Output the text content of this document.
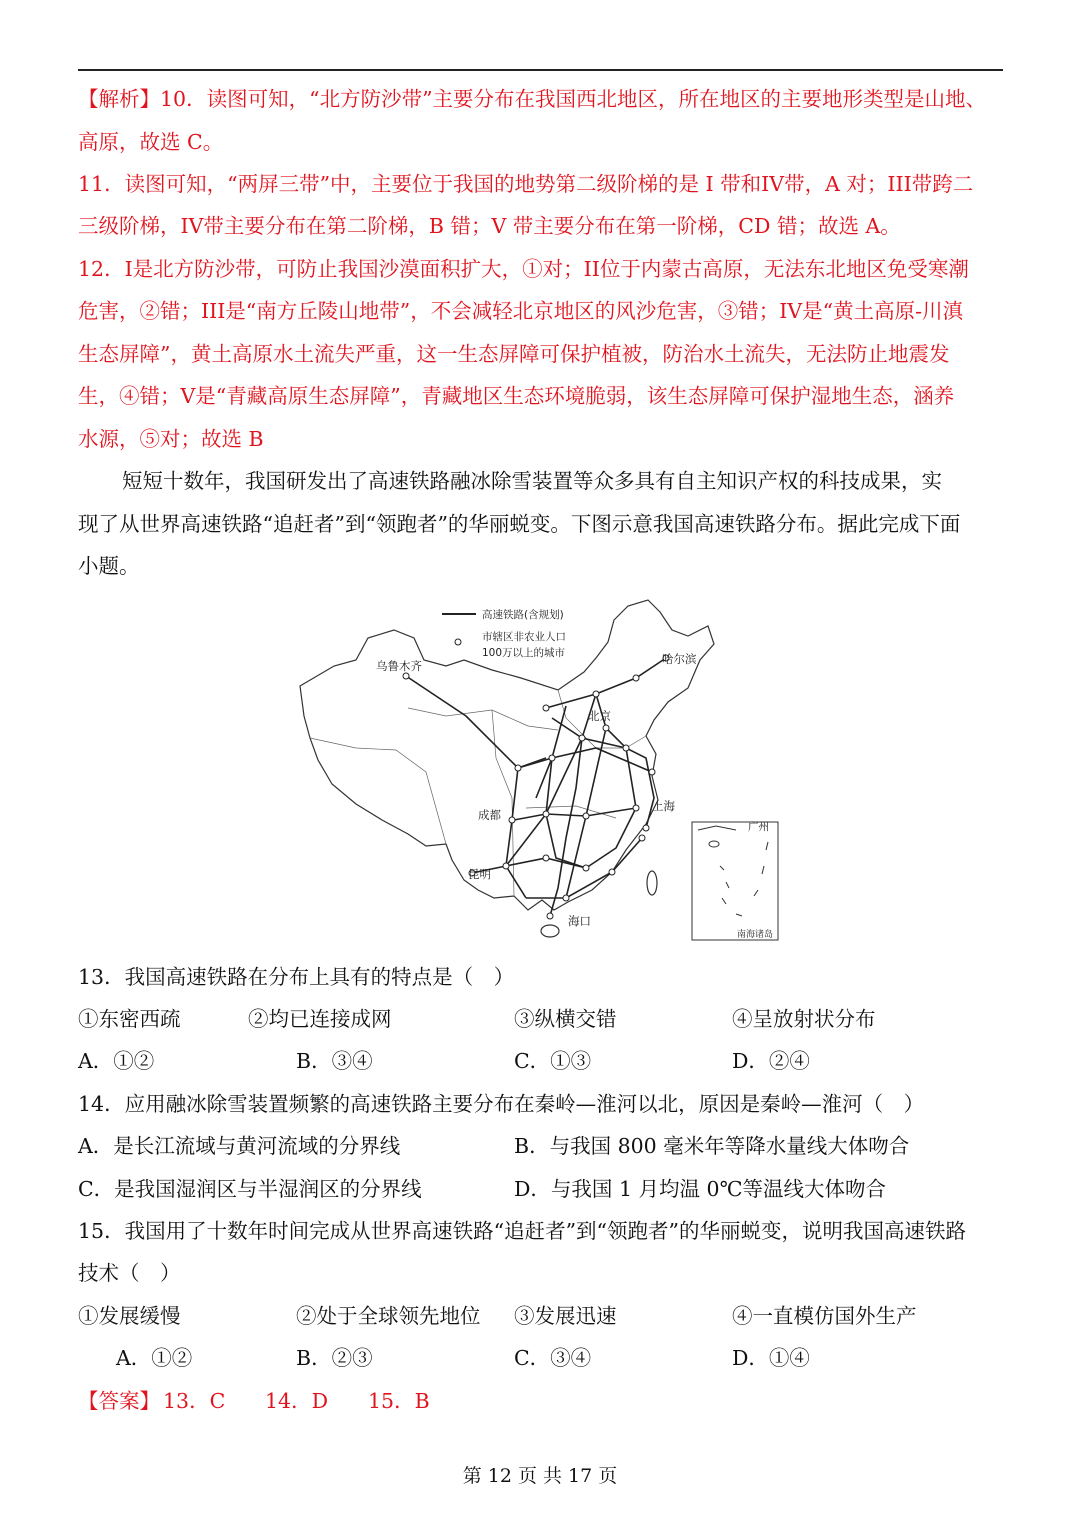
【解析】10．读图可知，“北方防沙带”主要分布在我国西北地区，所在地区的主要地形类型是山地、
高原，故选 C。
11．读图可知，“两屏三带”中，主要位于我国的地势第二级阶梯的是 I 带和IV带，A 对；III带跨二
三级阶梯，IV带主要分布在第二阶梯，B 错；V 带主要分布在第一阶梯，CD 错；故选 A。
12．I是北方防沙带，可防止我国沙漠面积扩大，①对；II位于内蒙古高原，无法东北地区免受寒潮
危害，②错；III是“南方丘陵山地带”，不会减轻北京地区的风沙危害，③错；IV是“黄土高原-川滇
生态屏障”，黄土高原水土流失严重，这一生态屏障可保护植被，防治水土流失，无法防止地震发
生，④错；V是“青藏高原生态屏障”，青藏地区生态环境脆弱，该生态屏障可保护湿地生态，涵养
水源，⑤对；故选 B
短短十数年，我国研发出了高速铁路融冰除雪装置等众多具有自主知识产权的科技成果，实
现了从世界高速铁路“追赶者”到“领跑者”的华丽蜕变。下图示意我国高速铁路分布。据此完成下面
小题。
高速铁路(含规划)
市辖区非农业人口
100万以上的城市
乌鲁木齐	哈尔滨
北京
上海
成都
昆明
海口
广州
南海诸岛
13．我国高速铁路在分布上具有的特点是（　）
①东密西疏	②均已连接成网	③纵横交错	④呈放射状分布
A．①②	B．③④	C．①③	D．②④
14．应用融冰除雪装置频繁的高速铁路主要分布在秦岭—淮河以北，原因是秦岭—淮河（　）
A．是长江流域与黄河流域的分界线	B．与我国 800 毫米年等降水量线大体吻合
C．是我国湿润区与半湿润区的分界线	D．与我国 1 月均温 0℃等温线大体吻合
15．我国用了十数年时间完成从世界高速铁路“追赶者”到“领跑者”的华丽蜕变，说明我国高速铁路
技术（　）
①发展缓慢	②处于全球领先地位 ③发展迅速	④一直模仿国外生产
A．①②	B．②③	C．③④	D．①④
【答案】 13．C 14．D 15．B
第 12 页 共 17 页
